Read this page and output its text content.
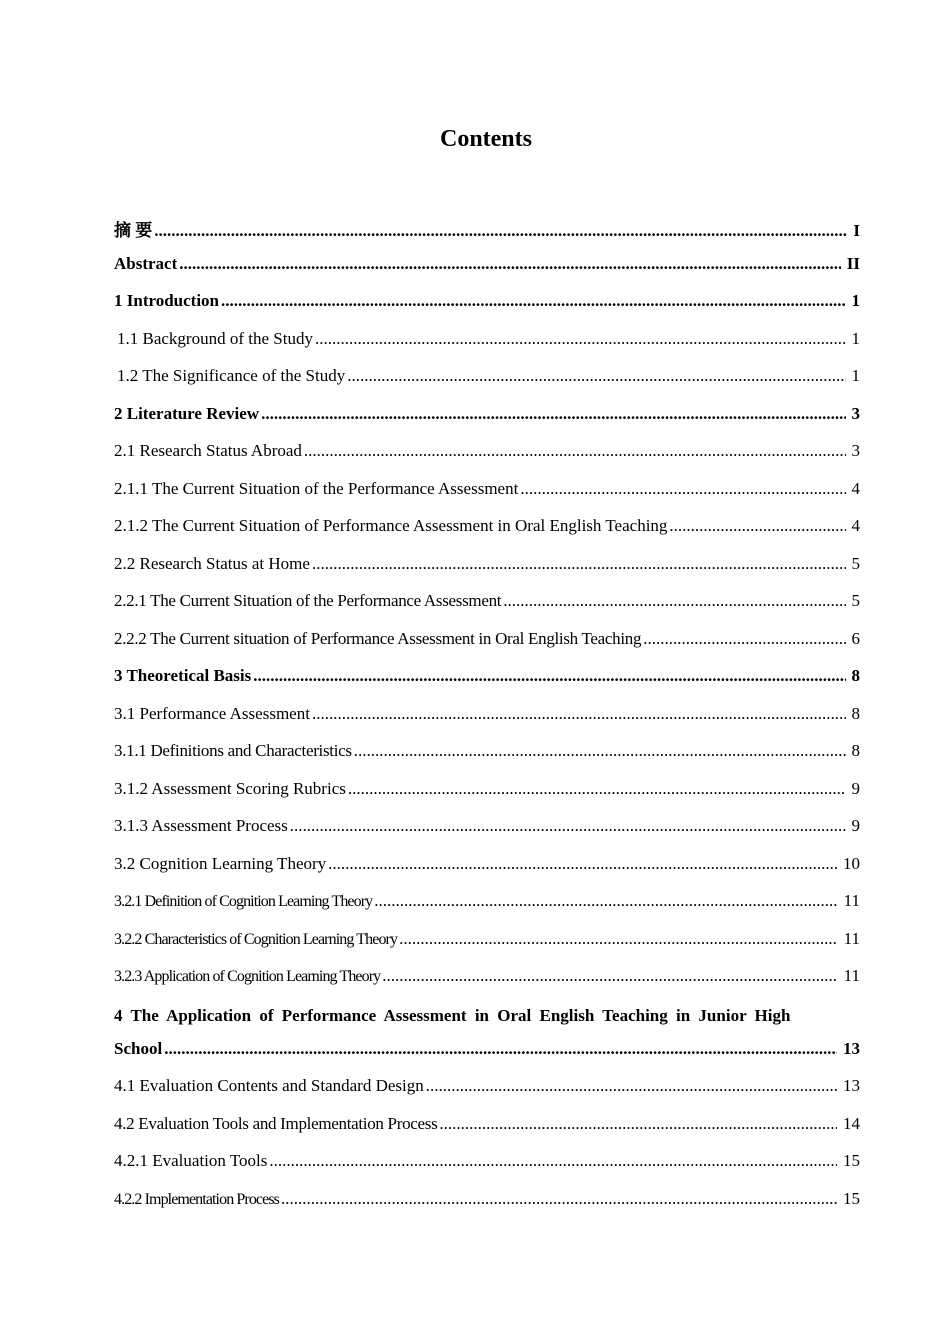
Contents
摘 要 .....	I
Abstract .....	II
1 Introduction .....	1
1.1 Background of the Study .....	1
1.2 The Significance of the Study .....	1
2 Literature Review .....	3
2.1 Research Status Abroad .....	3
2.1.1 The Current Situation of the Performance Assessment .....	4
2.1.2 The Current Situation of Performance Assessment in Oral English Teaching .....	4
2.2 Research Status at Home .....	5
2.2.1 The Current Situation of the Performance Assessment .....	5
2.2.2 The Current situation of Performance Assessment in Oral English Teaching .....	6
3 Theoretical Basis .....	8
3.1 Performance Assessment .....	8
3.1.1 Definitions and Characteristics .....	8
3.1.2 Assessment Scoring Rubrics .....	9
3.1.3 Assessment Process .....	9
3.2 Cognition Learning Theory .....	10
3.2.1 Definition of Cognition Learning Theory .....	11
3.2.2 Characteristics of Cognition Learning Theory .....	11
3.2.3 Application of Cognition Learning Theory .....	11
4 The Application of Performance Assessment in Oral English Teaching in Junior High
School .....	13
4.1 Evaluation Contents and Standard Design .....	13
4.2 Evaluation Tools and Implementation Process .....	14
4.2.1 Evaluation Tools .....	15
4.2.2 Implementation Process .....	15
